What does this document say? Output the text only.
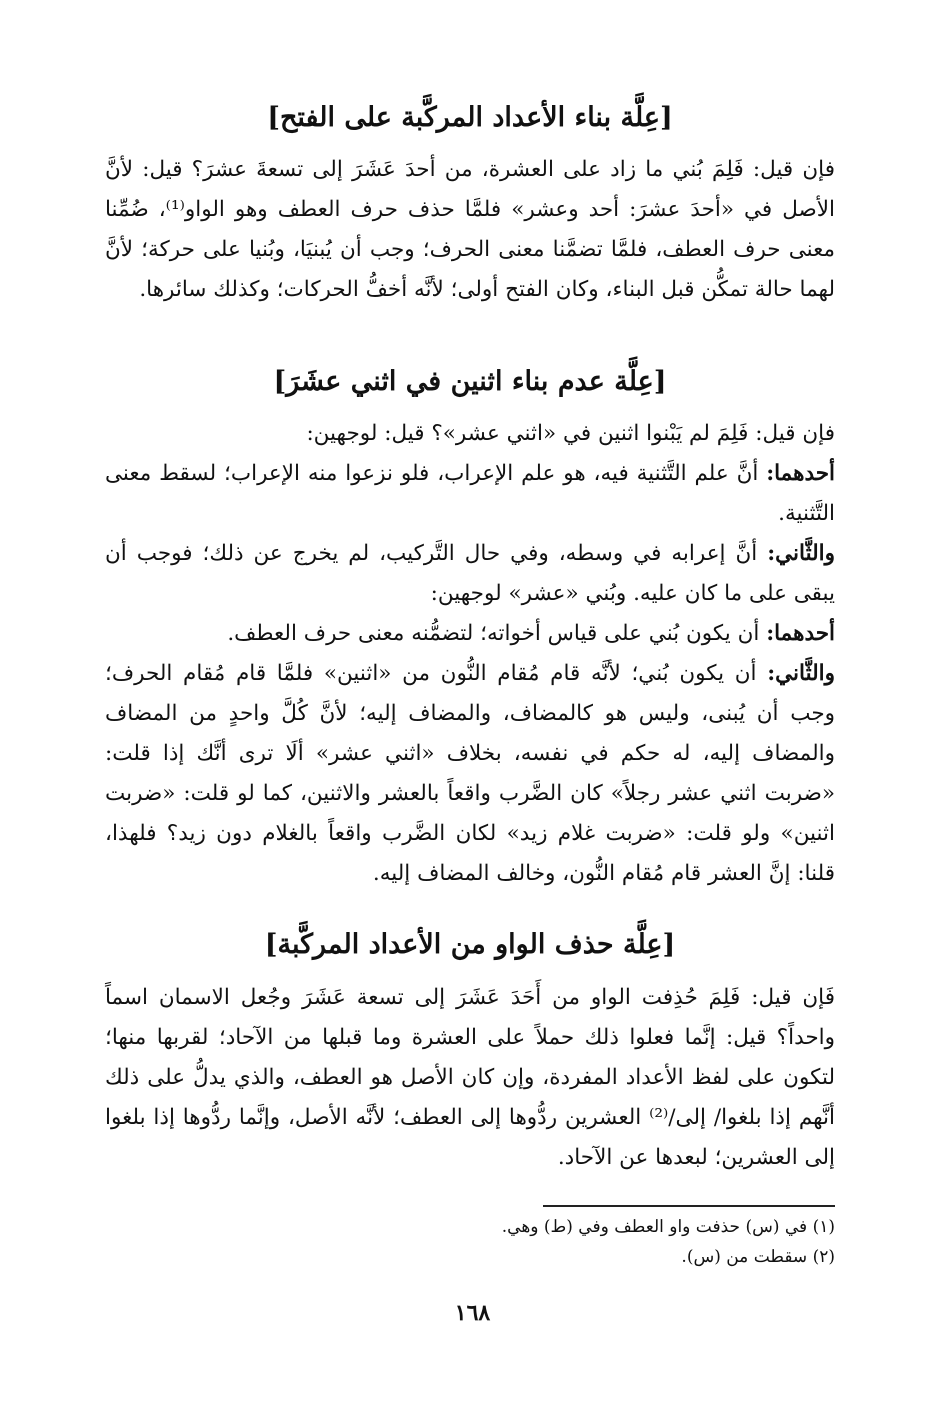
[عِلَّة بناء الأعداد المركَّبة على الفتح]

فإن قيل: فَلِمَ بُني ما زاد على العشرة، من أحدَ عَشَرَ إلى تسعةَ عشرَ؟ قيل: لأنَّ الأصل في «أحدَ عشرَ: أحد وعشر» فلمَّا حذف حرف العطف وهو الواو⁽¹⁾، ضُمِّنا معنى حرف العطف، فلمَّا تضمَّنا معنى الحرف؛ وجب أن يُبنيَا، وبُنيا على حركة؛ لأنَّ لهما حالة تمكُّن قبل البناء، وكان الفتح أولى؛ لأنَّه أخفُّ الحركات؛ وكذلك سائرها.

[عِلَّة عدم بناء اثنين في اثني عشَرَ]

فإن قيل: فَلِمَ لم يَبْنوا اثنين في «اثني عشر»؟ قيل: لوجهين:

أحدهما: أنَّ علم التَّثنية فيه، هو علم الإعراب، فلو نزعوا منه الإعراب؛ لسقط معنى التَّثنية.

والثَّاني: أنَّ إعرابه في وسطه، وفي حال التَّركيب، لم يخرج عن ذلك؛ فوجب أن يبقى على ما كان عليه. وبُني «عشر» لوجهين:

أحدهما: أن يكون بُني على قياس أخواته؛ لتضمُّنه معنى حرف العطف.

والثَّاني: أن يكون بُني؛ لأنَّه قام مُقام النُّون من «اثنين» فلمَّا قام مُقام الحرف؛ وجب أن يُبنى، وليس هو كالمضاف، والمضاف إليه؛ لأنَّ كُلَّ واحدٍ من المضاف والمضاف إليه، له حكم في نفسه، بخلاف «اثني عشر» ألَا ترى أنَّك إذا قلت: «ضربت اثني عشر رجلاً» كان الضَّرب واقعاً بالعشر والاثنين، كما لو قلت: «ضربت اثنين» ولو قلت: «ضربت غلام زيد» لكان الضَّرب واقعاً بالغلام دون زيد؟ فلهذا، قلنا: إنَّ العشر قام مُقام النُّون، وخالف المضاف إليه.

[عِلَّة حذف الواو من الأعداد المركَّبة]

فَإن قيل: فَلِمَ حُذِفت الواو من أَحَدَ عَشَرَ إلى تسعة عَشَرَ وجُعل الاسمان اسماً واحداً؟ قيل: إنَّما فعلوا ذلك حملاً على العشرة وما قبلها من الآحاد؛ لقربها منها؛ لتكون على لفظ الأعداد المفردة، وإن كان الأصل هو العطف، والذي يدلُّ على ذلك أنَّهم إذا بلغوا/ إلى/⁽²⁾ العشرين ردُّوها إلى العطف؛ لأنَّه الأصل، وإنَّما ردُّوها إذا بلغوا إلى العشرين؛ لبعدها عن الآحاد.

(١) في (س) حذفت واو العطف وفي (ط) وهي.
(٢) سقطت من (س).
١٦٨
